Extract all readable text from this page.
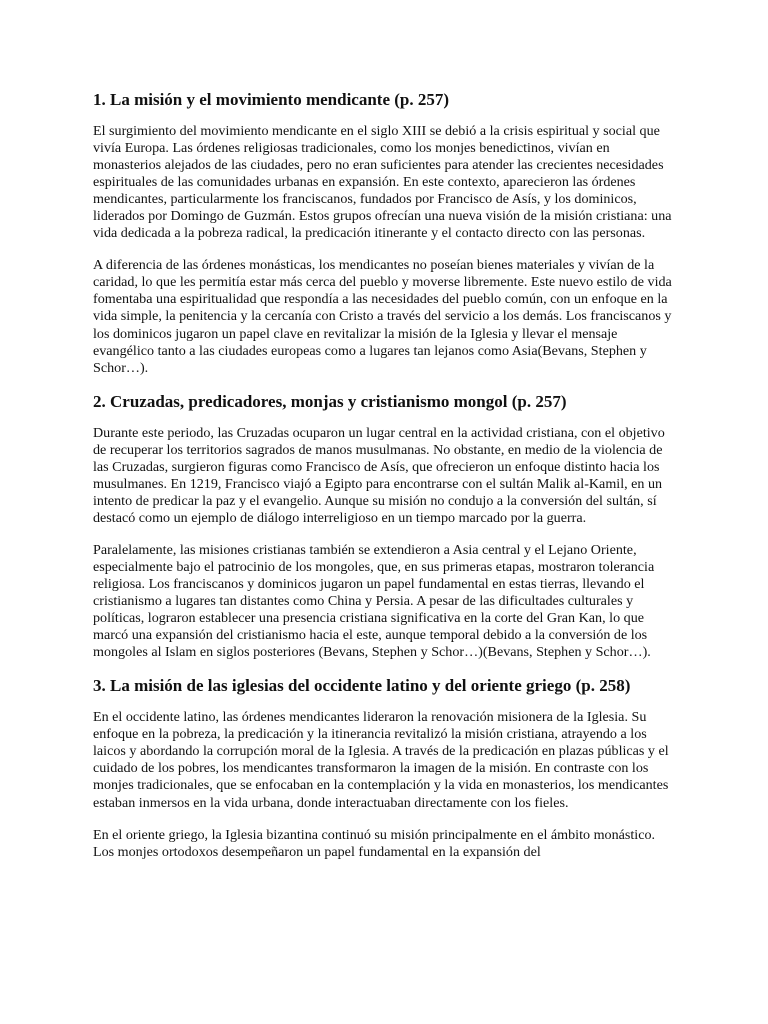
1. La misión y el movimiento mendicante (p. 257)

El surgimiento del movimiento mendicante en el siglo XIII se debió a la crisis espiritual y social que vivía Europa. Las órdenes religiosas tradicionales, como los monjes benedictinos, vivían en monasterios alejados de las ciudades, pero no eran suficientes para atender las crecientes necesidades espirituales de las comunidades urbanas en expansión. En este contexto, aparecieron las órdenes mendicantes, particularmente los franciscanos, fundados por Francisco de Asís, y los dominicos, liderados por Domingo de Guzmán. Estos grupos ofrecían una nueva visión de la misión cristiana: una vida dedicada a la pobreza radical, la predicación itinerante y el contacto directo con las personas.

A diferencia de las órdenes monásticas, los mendicantes no poseían bienes materiales y vivían de la caridad, lo que les permitía estar más cerca del pueblo y moverse libremente. Este nuevo estilo de vida fomentaba una espiritualidad que respondía a las necesidades del pueblo común, con un enfoque en la vida simple, la penitencia y la cercanía con Cristo a través del servicio a los demás. Los franciscanos y los dominicos jugaron un papel clave en revitalizar la misión de la Iglesia y llevar el mensaje evangélico tanto a las ciudades europeas como a lugares tan lejanos como Asia(Bevans, Stephen y Schor…).

2. Cruzadas, predicadores, monjas y cristianismo mongol (p. 257)

Durante este periodo, las Cruzadas ocuparon un lugar central en la actividad cristiana, con el objetivo de recuperar los territorios sagrados de manos musulmanas. No obstante, en medio de la violencia de las Cruzadas, surgieron figuras como Francisco de Asís, que ofrecieron un enfoque distinto hacia los musulmanes. En 1219, Francisco viajó a Egipto para encontrarse con el sultán Malik al-Kamil, en un intento de predicar la paz y el evangelio. Aunque su misión no condujo a la conversión del sultán, sí destacó como un ejemplo de diálogo interreligioso en un tiempo marcado por la guerra.

Paralelamente, las misiones cristianas también se extendieron a Asia central y el Lejano Oriente, especialmente bajo el patrocinio de los mongoles, que, en sus primeras etapas, mostraron tolerancia religiosa. Los franciscanos y dominicos jugaron un papel fundamental en estas tierras, llevando el cristianismo a lugares tan distantes como China y Persia. A pesar de las dificultades culturales y políticas, lograron establecer una presencia cristiana significativa en la corte del Gran Kan, lo que marcó una expansión del cristianismo hacia el este, aunque temporal debido a la conversión de los mongoles al Islam en siglos posteriores (Bevans, Stephen y Schor…)(Bevans, Stephen y Schor…).

3. La misión de las iglesias del occidente latino y del oriente griego (p. 258)

En el occidente latino, las órdenes mendicantes lideraron la renovación misionera de la Iglesia. Su enfoque en la pobreza, la predicación y la itinerancia revitalizó la misión cristiana, atrayendo a los laicos y abordando la corrupción moral de la Iglesia. A través de la predicación en plazas públicas y el cuidado de los pobres, los mendicantes transformaron la imagen de la misión. En contraste con los monjes tradicionales, que se enfocaban en la contemplación y la vida en monasterios, los mendicantes estaban inmersos en la vida urbana, donde interactuaban directamente con los fieles.

En el oriente griego, la Iglesia bizantina continuó su misión principalmente en el ámbito monástico. Los monjes ortodoxos desempeñaron un papel fundamental en la expansión del
